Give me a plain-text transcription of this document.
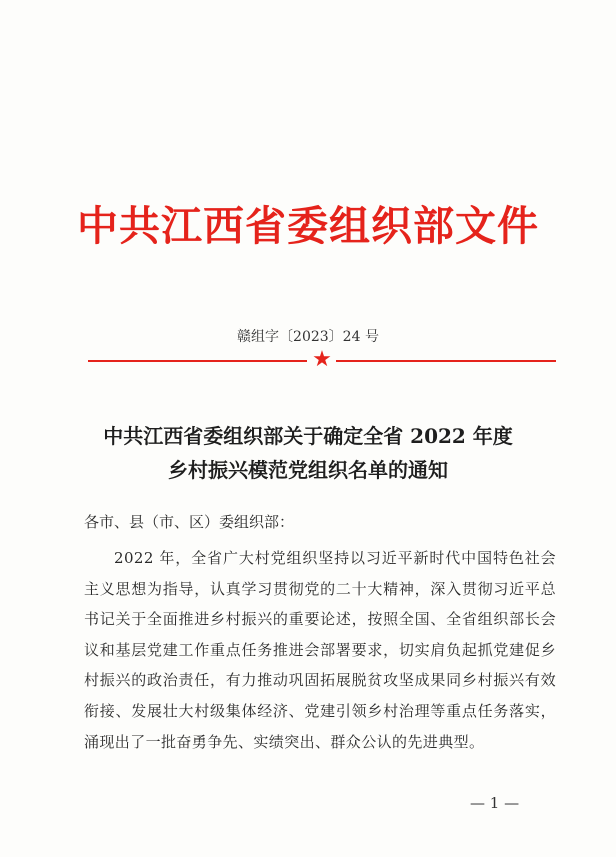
中共江西省委组织部文件
赣组字〔2023〕24 号
★
中共江西省委组织部关于确定全省 2022 年度
乡村振兴模范党组织名单的通知
各市、县（市、区）委组织部：
2022 年，全省广大村党组织坚持以习近平新时代中国特色社会主义思想为指导，认真学习贯彻党的二十大精神，深入贯彻习近平总书记关于全面推进乡村振兴的重要论述，按照全国、全省组织部长会议和基层党建工作重点任务推进会部署要求，切实肩负起抓党建促乡村振兴的政治责任，有力推动巩固拓展脱贫攻坚成果同乡村振兴有效衔接、发展壮大村级集体经济、党建引领乡村治理等重点任务落实，涌现出了一批奋勇争先、实绩突出、群众公认的先进典型。
— 1 —
